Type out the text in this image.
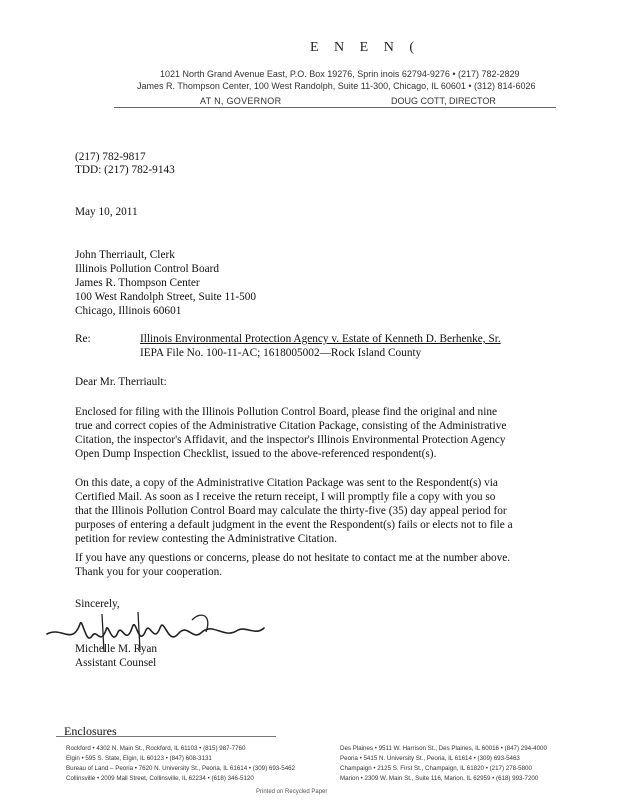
E N E N (
1021 North Grand Avenue East, P.O. Box 19276, Sprin inois 62794-9276 • (217) 782-2829
James R. Thompson Center, 100 West Randolph, Suite 11-300, Chicago, IL 60601 • (312) 814-6026
AT N, GOVERNOR	DOUG COTT, DIRECTOR
(217) 782-9817
TDD: (217) 782-9143
May 10, 2011
John Therriault, Clerk
Illinois Pollution Control Board
James R. Thompson Center
100 West Randolph Street, Suite 11-500
Chicago, Illinois 60601
Re:	Illinois Environmental Protection Agency v. Estate of Kenneth D. Berhenke, Sr.
IEPA File No. 100-11-AC; 1618005002—Rock Island County
Dear Mr. Therriault:
Enclosed for filing with the Illinois Pollution Control Board, please find the original and nine
true and correct copies of the Administrative Citation Package, consisting of the Administrative
Citation, the inspector's Affidavit, and the inspector's Illinois Environmental Protection Agency
Open Dump Inspection Checklist, issued to the above-referenced respondent(s).
On this date, a copy of the Administrative Citation Package was sent to the Respondent(s) via
Certified Mail. As soon as I receive the return receipt, I will promptly file a copy with you so
that the Illinois Pollution Control Board may calculate the thirty-five (35) day appeal period for
purposes of entering a default judgment in the event the Respondent(s) fails or elects not to file a
petition for review contesting the Administrative Citation.
If you have any questions or concerns, please do not hesitate to contact me at the number above.
Thank you for your cooperation.
Sincerely,
Michelle M. Ryan
Assistant Counsel
Enclosures
Rockford • 4302 N. Main St., Rockford, IL 61103 • (815) 987-7760
Elgin • 595 S. State, Elgin, IL 60123 • (847) 608-3131
Bureau of Land – Peoria • 7620 N. University St., Peoria, IL 61614 • (309) 693-5462
Collinsville • 2009 Mall Street, Collinsville, IL 62234 • (618) 346-5120
Des Plaines • 9511 W. Harrison St., Des Plaines, IL 60016 • (847) 294-4000
Peoria • 5415 N. University St., Peoria, IL 61614 • (309) 693-5463
Champaign • 2125 S. First St., Champaign, IL 61820 • (217) 278-5800
Marion • 2309 W. Main St., Suite 116, Marion, IL 62959 • (618) 993-7200
Printed on Recycled Paper
